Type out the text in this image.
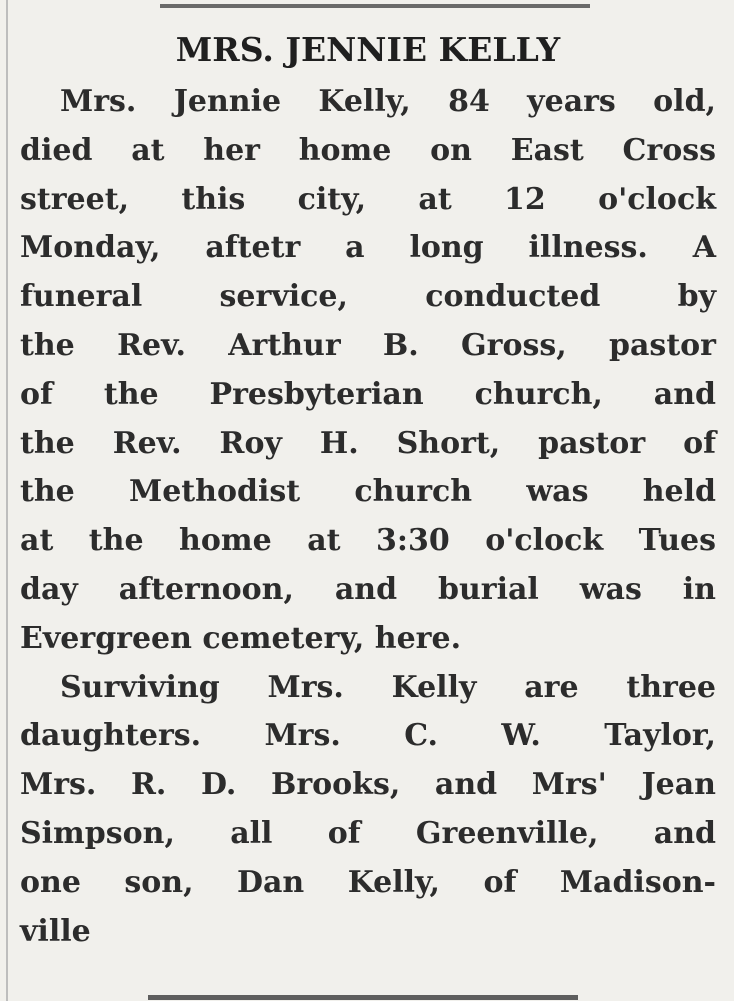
MRS. JENNIE KELLY
Mrs. Jennie Kelly, 84 years old,
died at her home on East Cross
street, this city, at 12 o'clock
Monday, aftetr a long illness. A
funeral service, conducted by
the Rev. Arthur B. Gross, pastor
of the Presbyterian church, and
the Rev. Roy H. Short, pastor of
the Methodist church was held
at the home at 3:30 o'clock Tues
day afternoon, and burial was in
Evergreen cemetery, here.
Surviving Mrs. Kelly are three
daughters. Mrs. C. W. Taylor,
Mrs. R. D. Brooks, and Mrs' Jean
Simpson, all of Greenville, and
one son, Dan Kelly, of Madison-
ville
